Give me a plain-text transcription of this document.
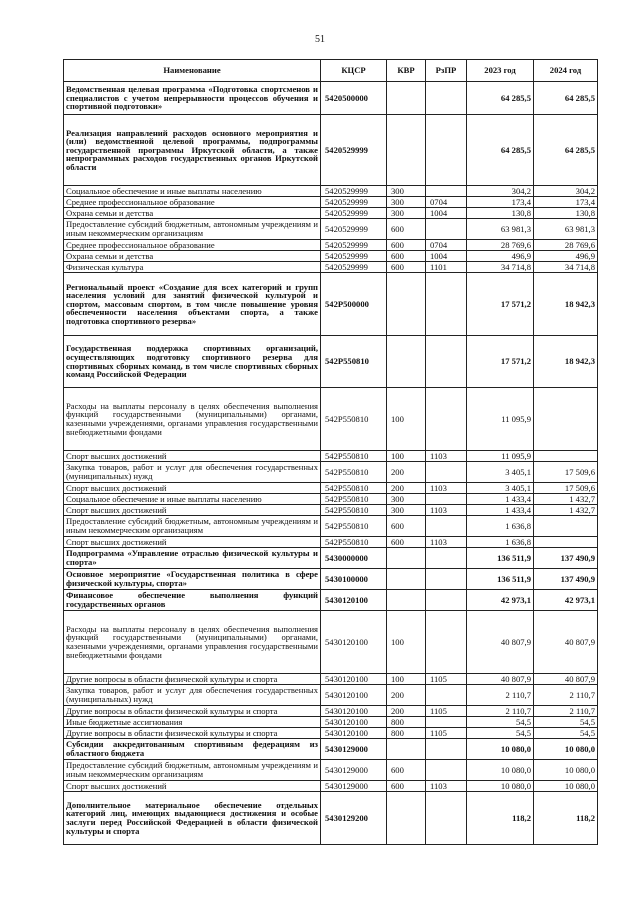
51
Наименование	КЦСР	КВР	РзПР	2023 год	2024 год
Ведомственная целевая программа «Подготовка спортсменов и специалистов с учетом непрерывности процессов обучения и спортивной подготовки»	5420500000			64 285,5	64 285,5
Реализация направлений расходов основного мероприятия и (или) ведомственной целевой программы, подпрограммы государственной программы Иркутской области, а также непрограммных расходов государственных органов Иркутской области	5420529999			64 285,5	64 285,5
Социальное обеспечение и иные выплаты населению	5420529999	300		304,2	304,2
Среднее профессиональное образование	5420529999	300	0704	173,4	173,4
Охрана семьи и детства	5420529999	300	1004	130,8	130,8
Предоставление субсидий бюджетным, автономным учреждениям и иным некоммерческим организациям	5420529999	600		63 981,3	63 981,3
Среднее профессиональное образование	5420529999	600	0704	28 769,6	28 769,6
Охрана семьи и детства	5420529999	600	1004	496,9	496,9
Физическая культура	5420529999	600	1101	34 714,8	34 714,8
Региональный проект «Создание для всех категорий и групп населения условий для занятий физической культурой и спортом, массовым спортом, в том числе повышение уровня обеспеченности населения объектами спорта, а также подготовка спортивного резерва»	542P500000			17 571,2	18 942,3
Государственная поддержка спортивных организаций, осуществляющих подготовку спортивного резерва для спортивных сборных команд, в том числе спортивных сборных команд Российской Федерации	542P550810			17 571,2	18 942,3
Расходы на выплаты персоналу в целях обеспечения выполнения функций государственными (муниципальными) органами, казенными учреждениями, органами управления государственными внебюджетными фондами	542P550810	100		11 095,9	
Спорт высших достижений	542P550810	100	1103	11 095,9	
Закупка товаров, работ и услуг для обеспечения государственных (муниципальных) нужд	542P550810	200		3 405,1	17 509,6
Спорт высших достижений	542P550810	200	1103	3 405,1	17 509,6
Социальное обеспечение и иные выплаты населению	542P550810	300		1 433,4	1 432,7
Спорт высших достижений	542P550810	300	1103	1 433,4	1 432,7
Предоставление субсидий бюджетным, автономным учреждениям и иным некоммерческим организациям	542P550810	600		1 636,8	
Спорт высших достижений	542P550810	600	1103	1 636,8	
Подпрограмма «Управление отраслью физической культуры и спорта»	5430000000			136 511,9	137 490,9
Основное мероприятие «Государственная политика в сфере физической культуры, спорта»	5430100000			136 511,9	137 490,9
Финансовое обеспечение выполнения функций государственных органов	5430120100			42 973,1	42 973,1
Расходы на выплаты персоналу в целях обеспечения выполнения функций государственными (муниципальными) органами, казенными учреждениями, органами управления государственными внебюджетными фондами	5430120100	100		40 807,9	40 807,9
Другие вопросы в области физической культуры и спорта	5430120100	100	1105	40 807,9	40 807,9
Закупка товаров, работ и услуг для обеспечения государственных (муниципальных) нужд	5430120100	200		2 110,7	2 110,7
Другие вопросы в области физической культуры и спорта	5430120100	200	1105	2 110,7	2 110,7
Иные бюджетные ассигнования	5430120100	800		54,5	54,5
Другие вопросы в области физической культуры и спорта	5430120100	800	1105	54,5	54,5
Субсидии аккредитованным спортивным федерациям из областного бюджета	5430129000			10 080,0	10 080,0
Предоставление субсидий бюджетным, автономным учреждениям и иным некоммерческим организациям	5430129000	600		10 080,0	10 080,0
Спорт высших достижений	5430129000	600	1103	10 080,0	10 080,0
Дополнительное материальное обеспечение отдельных категорий лиц, имеющих выдающиеся достижения и особые заслуги перед Российской Федерацией в области физической культуры и спорта	5430129200			118,2	118,2
